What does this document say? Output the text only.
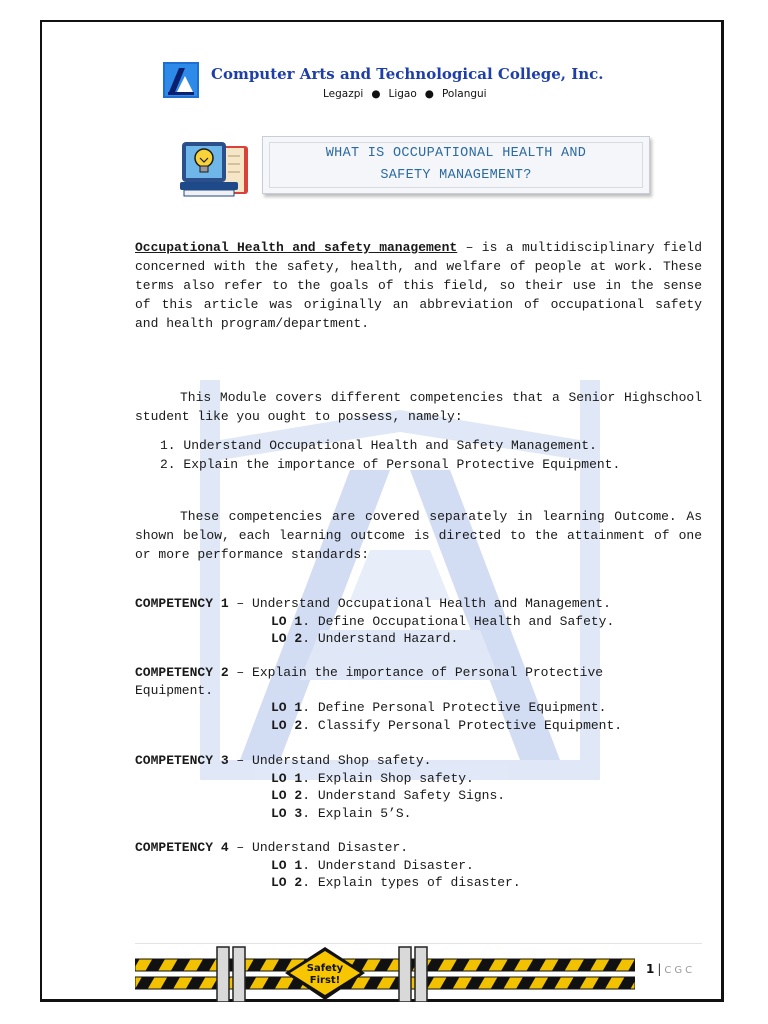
Computer Arts and Technological College, Inc.
Legazpi ● Ligao ● Polangui
WHAT IS OCCUPATIONAL HEALTH AND SAFETY MANAGEMENT?
Occupational Health and safety management – is a multidisciplinary field concerned with the safety, health, and welfare of people at work. These terms also refer to the goals of this field, so their use in the sense of this article was originally an abbreviation of occupational safety and health program/department.
This Module covers different competencies that a Senior Highschool student like you ought to possess, namely:
1. Understand Occupational Health and Safety Management.
2. Explain the importance of Personal Protective Equipment.
These competencies are covered separately in learning Outcome. As shown below, each learning outcome is directed to the attainment of one or more performance standards:
COMPETENCY 1 – Understand Occupational Health and Management.
LO 1. Define Occupational Health and Safety.
LO 2. Understand Hazard.
COMPETENCY 2 – Explain the importance of Personal Protective
Equipment.
LO 1. Define Personal Protective Equipment.
LO 2. Classify Personal Protective Equipment.
COMPETENCY 3 – Understand Shop safety.
LO 1. Explain Shop safety.
LO 2. Understand Safety Signs.
LO 3. Explain 5’S.
COMPETENCY 4 – Understand Disaster.
LO 1. Understand Disaster.
LO 2. Explain types of disaster.
Safety
First!
1 | CGC
